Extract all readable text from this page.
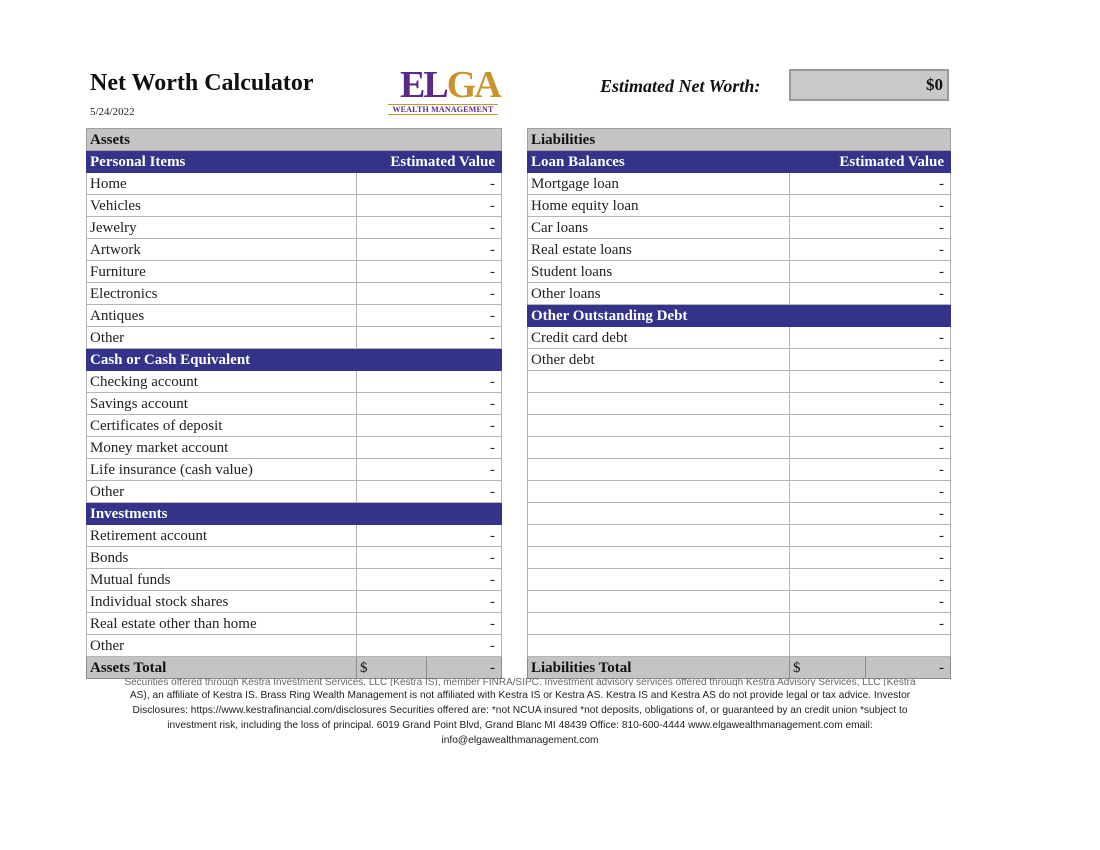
Net Worth Calculator
5/24/2022
ELGA
WEALTH MANAGEMENT
Estimated Net Worth:	$0
Assets		
Personal Items	Estimated Value	
Home	-	
Vehicles	-	
Jewelry	-	
Artwork	-	
Furniture	-	
Electronics	-	
Antiques	-	
Other	-	
Cash or Cash Equivalent		
Checking account	-	
Savings account	-	
Certificates of deposit	-	
Money market account	-	
Life insurance (cash value)	-	
Other	-	
Investments		
Retirement account	-	
Bonds	-	
Mutual funds	-	
Individual stock shares	-	
Real estate other than home	-	
Other	-	
Assets Total	$	-
Liabilities		
Loan Balances	Estimated Value	
Mortgage loan	-	
Home equity loan	-	
Car loans	-	
Real estate loans	-	
Student loans	-	
Other loans	-	
Other Outstanding Debt		
Credit card debt	-	
Other debt	-	
	-	
	-	
	-	
	-	
	-	
	-	
	-	
	-	
	-	
	-	
	-	
	-	

Liabilities Total	$	-
Securities offered through Kestra Investment Services, LLC (Kestra IS), member FINRA/SIPC. Investment advisory services offered through Kestra Advisory Services, LLC (Kestra
AS), an affiliate of Kestra IS. Brass Ring Wealth Management is not affiliated with Kestra IS or Kestra AS. Kestra IS and Kestra AS do not provide legal or tax advice. Investor
Disclosures: https://www.kestrafinancial.com/disclosures Securities offered are: *not NCUA insured *not deposits, obligations of, or guaranteed by an credit union *subject to
investment risk, including the loss of principal. 6019 Grand Point Blvd, Grand Blanc MI 48439 Office: 810-600-4444 www.elgawealthmanagement.com email:
info@elgawealthmanagement.com
